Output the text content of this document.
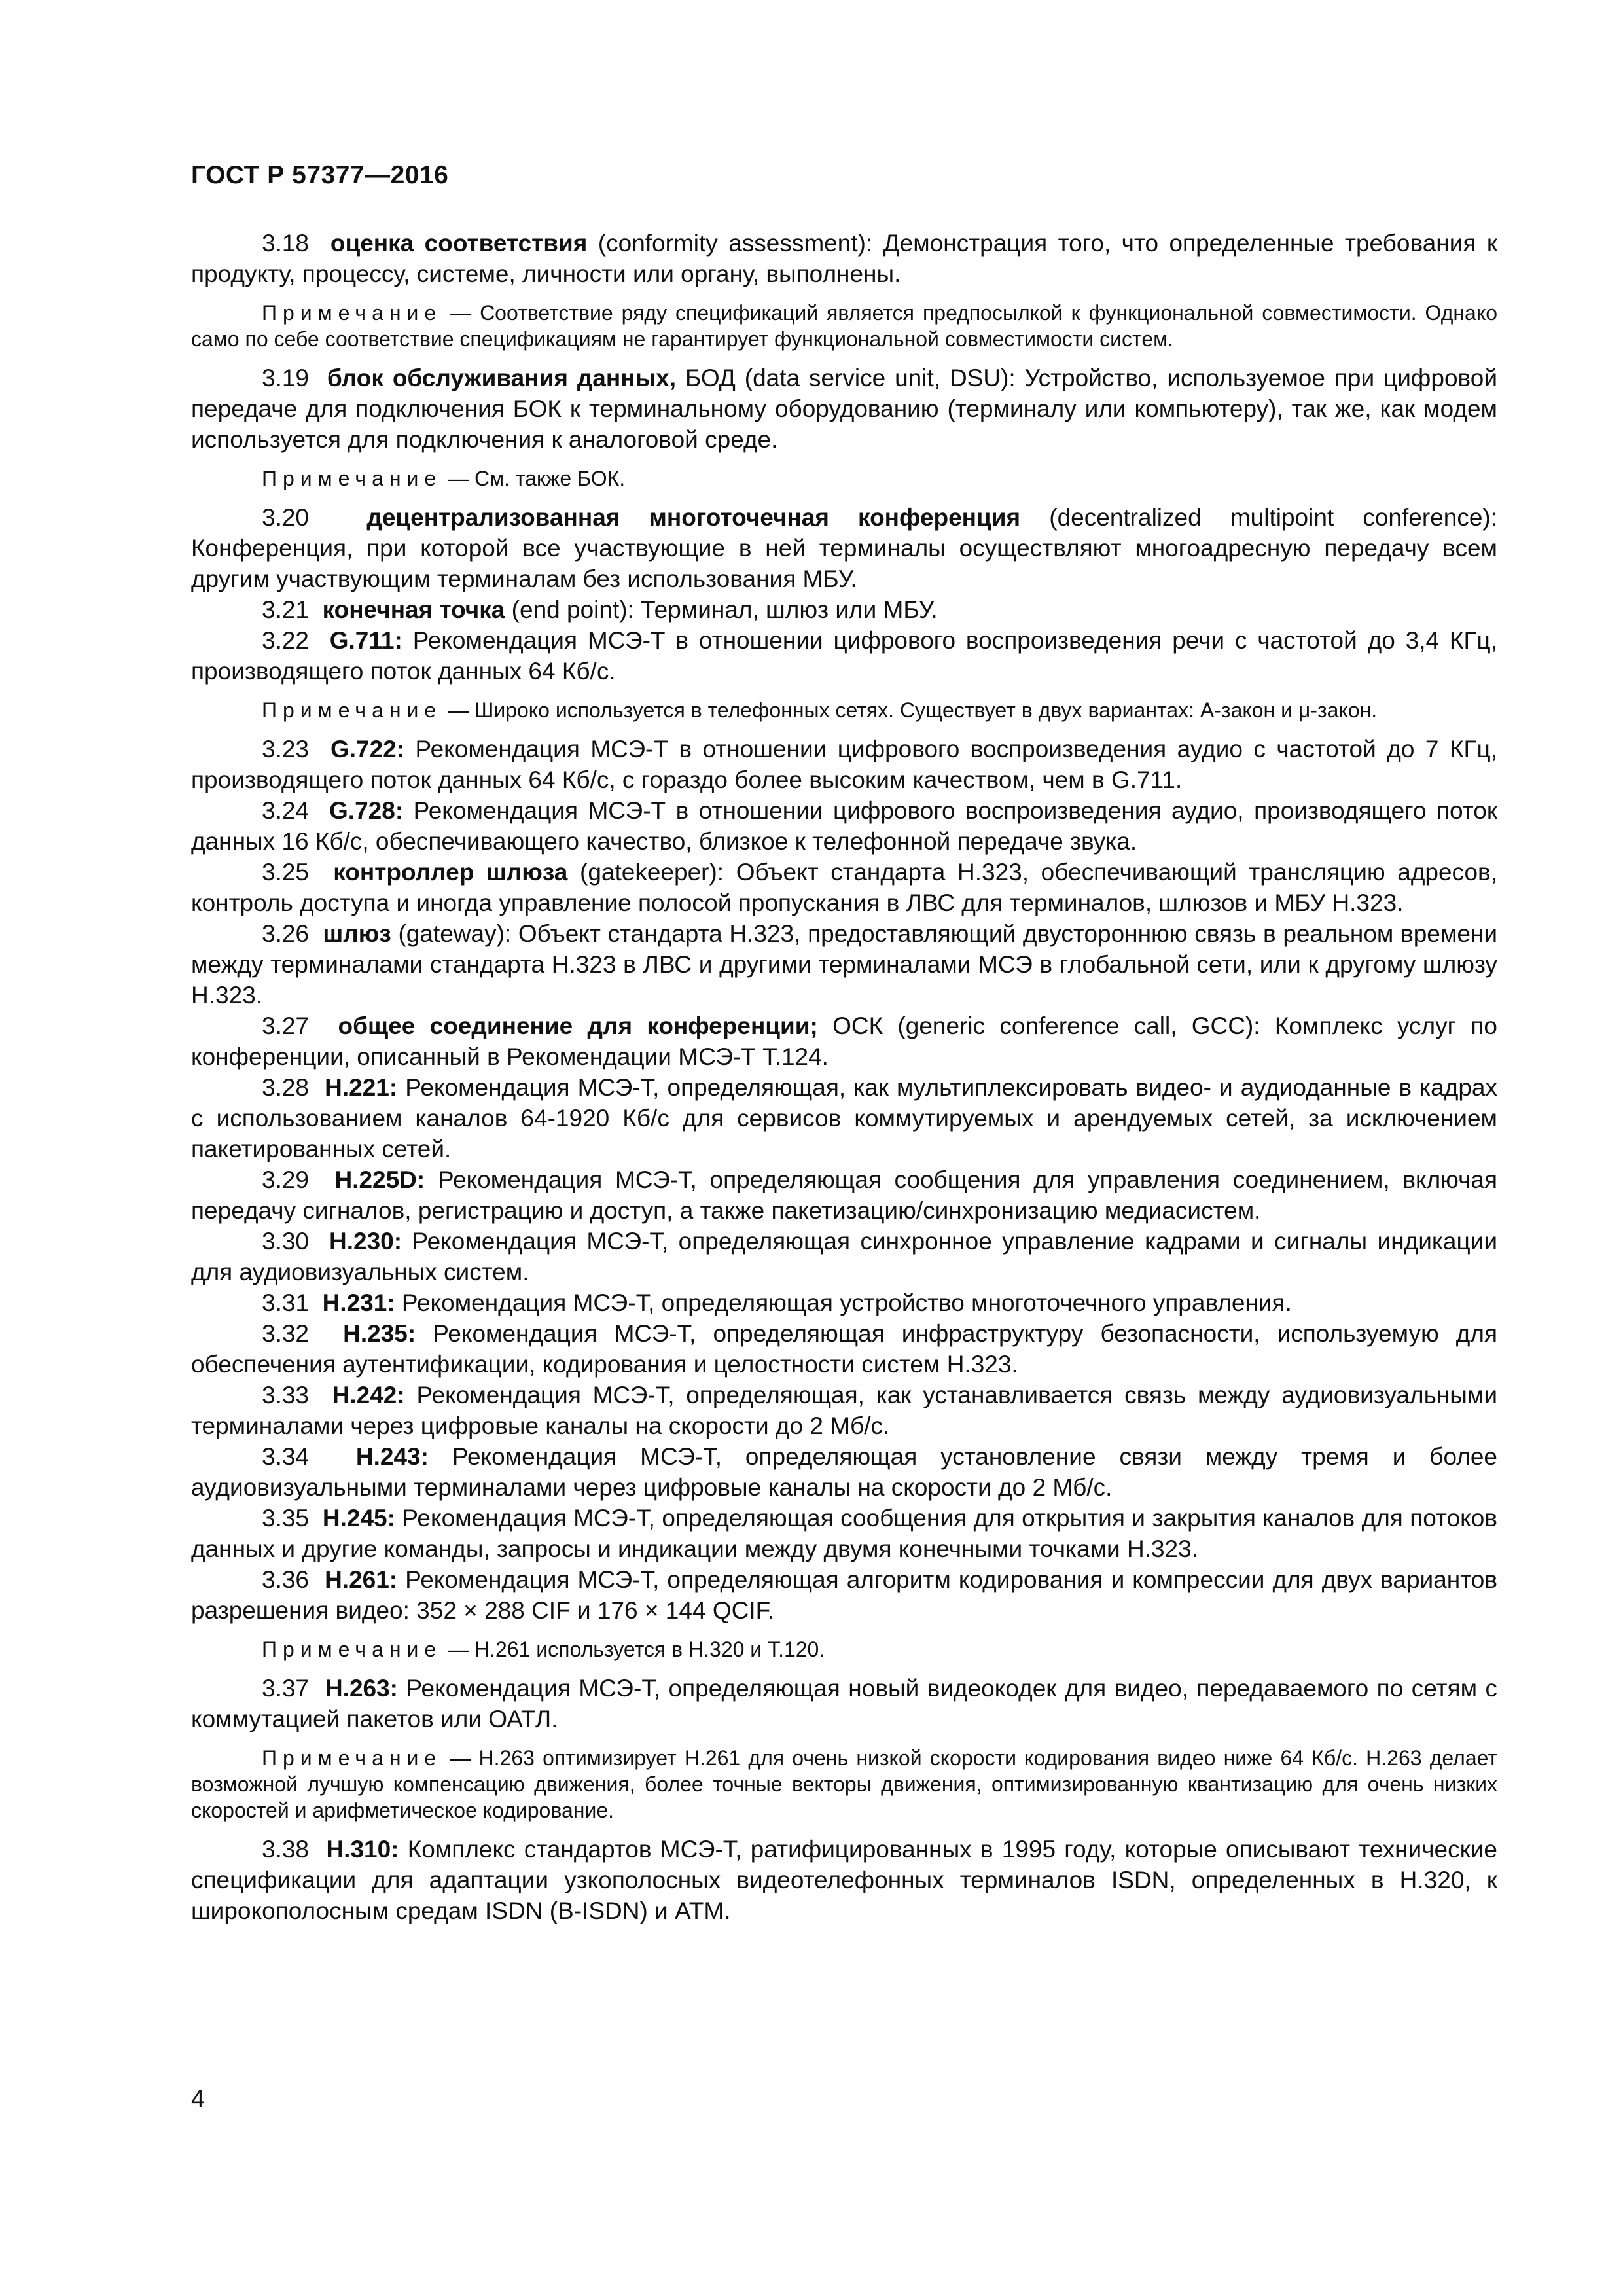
ГОСТ Р 57377—2016

3.18 оценка соответствия (conformity assessment): Демонстрация того, что определенные требования к продукту, процессу, системе, личности или органу, выполнены.

Примечание — Соответствие ряду спецификаций является предпосылкой к функциональной совместимости. Однако само по себе соответствие спецификациям не гарантирует функциональной совместимости систем.

3.19 блок обслуживания данных, БОД (data service unit, DSU): Устройство, используемое при цифровой передаче для подключения БОК к терминальному оборудованию (терминалу или компьютеру), так же, как модем используется для подключения к аналоговой среде.

Примечание — См. также БОК.

3.20 децентрализованная многоточечная конференция (decentralized multipoint conference): Конференция, при которой все участвующие в ней терминалы осуществляют многоадресную передачу всем другим участвующим терминалам без использования МБУ.

3.21 конечная точка (end point): Терминал, шлюз или МБУ.

3.22 G.711: Рекомендация МСЭ-Т в отношении цифрового воспроизведения речи с частотой до 3,4 КГц, производящего поток данных 64 Кб/с.

Примечание — Широко используется в телефонных сетях. Существует в двух вариантах: А-закон и μ-закон.

3.23 G.722: Рекомендация МСЭ-Т в отношении цифрового воспроизведения аудио с частотой до 7 КГц, производящего поток данных 64 Кб/с, с гораздо более высоким качеством, чем в G.711.

3.24 G.728: Рекомендация МСЭ-Т в отношении цифрового воспроизведения аудио, производящего поток данных 16 Кб/с, обеспечивающего качество, близкое к телефонной передаче звука.

3.25 контроллер шлюза (gatekeeper): Объект стандарта Н.323, обеспечивающий трансляцию адресов, контроль доступа и иногда управление полосой пропускания в ЛВС для терминалов, шлюзов и МБУ Н.323.

3.26 шлюз (gateway): Объект стандарта Н.323, предоставляющий двустороннюю связь в реальном времени между терминалами стандарта Н.323 в ЛВС и другими терминалами МСЭ в глобальной сети, или к другому шлюзу Н.323.

3.27 общее соединение для конференции; ОСК (generic conference call, GCC): Комплекс услуг по конференции, описанный в Рекомендации МСЭ-Т Т.124.

3.28 Н.221: Рекомендация МСЭ-Т, определяющая, как мультиплексировать видео- и аудиоданные в кадрах с использованием каналов 64-1920 Кб/с для сервисов коммутируемых и арендуемых сетей, за исключением пакетированных сетей.

3.29 Н.225D: Рекомендация МСЭ-Т, определяющая сообщения для управления соединением, включая передачу сигналов, регистрацию и доступ, а также пакетизацию/синхронизацию медиасистем.

3.30 Н.230: Рекомендация МСЭ-Т, определяющая синхронное управление кадрами и сигналы индикации для аудиовизуальных систем.

3.31 Н.231: Рекомендация МСЭ-Т, определяющая устройство многоточечного управления.

3.32 Н.235: Рекомендация МСЭ-Т, определяющая инфраструктуру безопасности, используемую для обеспечения аутентификации, кодирования и целостности систем Н.323.

3.33 Н.242: Рекомендация МСЭ-Т, определяющая, как устанавливается связь между аудиовизуальными терминалами через цифровые каналы на скорости до 2 Мб/с.

3.34 Н.243: Рекомендация МСЭ-Т, определяющая установление связи между тремя и более аудиовизуальными терминалами через цифровые каналы на скорости до 2 Мб/с.

3.35 Н.245: Рекомендация МСЭ-Т, определяющая сообщения для открытия и закрытия каналов для потоков данных и другие команды, запросы и индикации между двумя конечными точками Н.323.

3.36 Н.261: Рекомендация МСЭ-Т, определяющая алгоритм кодирования и компрессии для двух вариантов разрешения видео: 352 × 288 CIF и 176 × 144 QCIF.

Примечание — Н.261 используется в Н.320 и Т.120.

3.37 Н.263: Рекомендация МСЭ-Т, определяющая новый видеокодек для видео, передаваемого по сетям с коммутацией пакетов или ОАТЛ.

Примечание — Н.263 оптимизирует Н.261 для очень низкой скорости кодирования видео ниже 64 Кб/с. Н.263 делает возможной лучшую компенсацию движения, более точные векторы движения, оптимизированную квантизацию для очень низких скоростей и арифметическое кодирование.

3.38 Н.310: Комплекс стандартов МСЭ-Т, ратифицированных в 1995 году, которые описывают технические спецификации для адаптации узкополосных видеотелефонных терминалов ISDN, определенных в Н.320, к широкополосным средам ISDN (B-ISDN) и АТМ.

4
